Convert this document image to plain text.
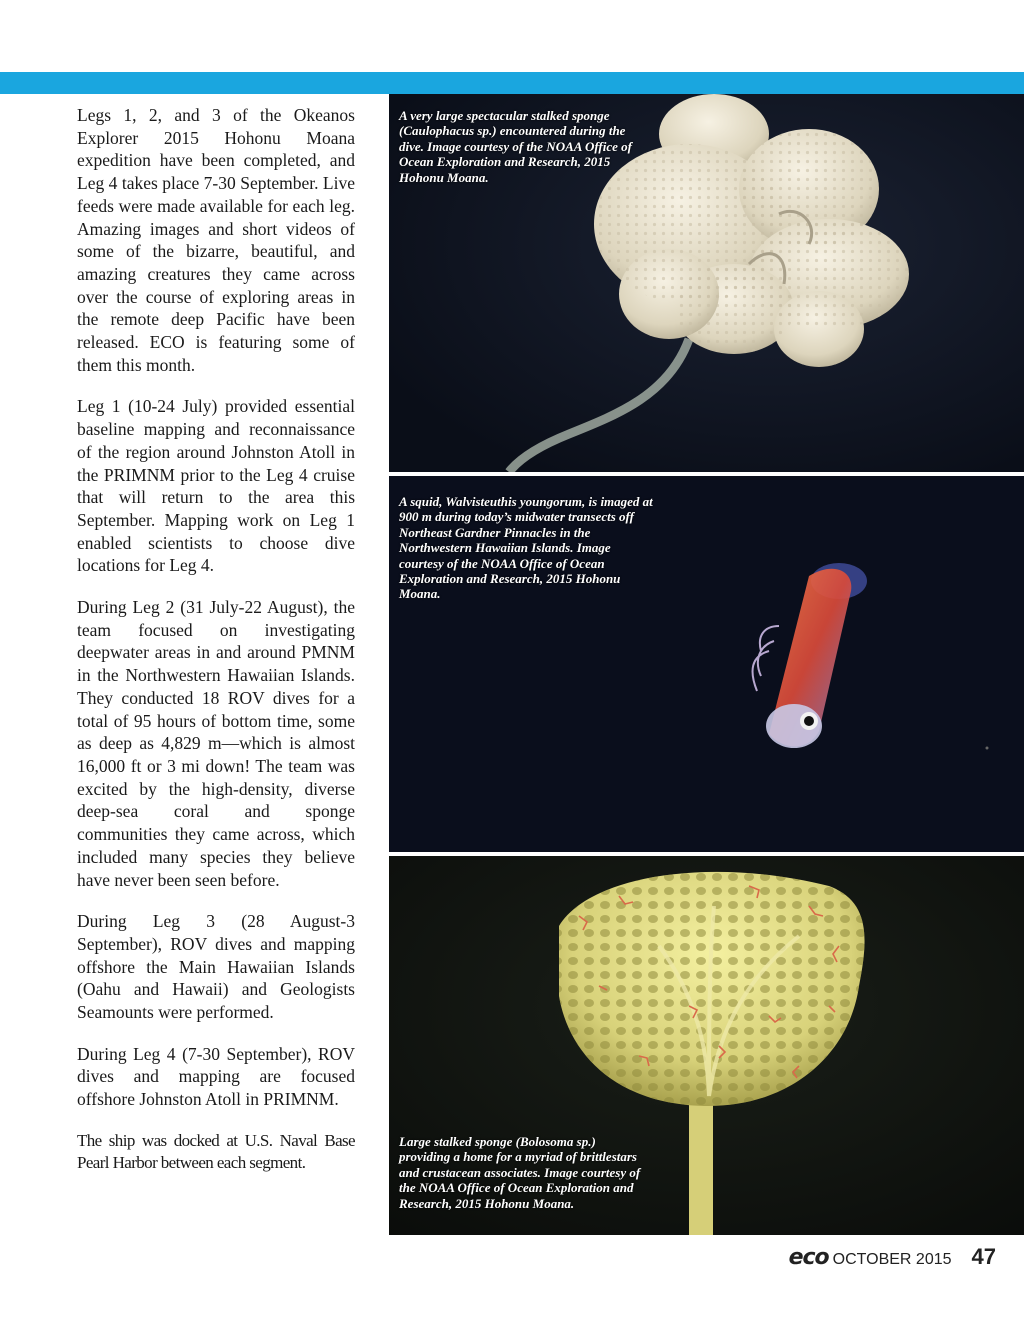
Legs 1, 2, and 3 of the Okeanos Explorer 2015 Hohonu Moana expedition have been completed, and Leg 4 takes place 7-30 September. Live feeds were made available for each leg. Amazing images and short videos of some of the bizarre, beautiful, and amazing creatures they came across over the course of exploring areas in the remote deep Pacific have been released. ECO is featuring some of them this month.

Leg 1 (10-24 July) provided essential baseline mapping and reconnaissance of the region around Johnston Atoll in the PRIMNM prior to the Leg 4 cruise that will return to the area this September. Mapping work on Leg 1 enabled scientists to choose dive locations for Leg 4.

During Leg 2 (31 July-22 August), the team focused on investigating deepwater areas in and around PMNM in the Northwestern Hawaiian Islands. They conducted 18 ROV dives for a total of 95 hours of bottom time, some as deep as 4,829 m—which is almost 16,000 ft or 3 mi down! The team was excited by the high-density, diverse deep-sea coral and sponge communities they came across, which included many species they believe have never been seen before.

During Leg 3 (28 August-3 September), ROV dives and mapping offshore the Main Hawaiian Islands (Oahu and Hawaii) and Geologists Seamounts were performed.

During Leg 4 (7-30 September), ROV dives and mapping are focused offshore Johnston Atoll in PRIMNM.

The ship was docked at U.S. Naval Base Pearl Harbor between each segment.

A very large spectacular stalked sponge (Caulophacus sp.) encountered during the dive. Image courtesy of the NOAA Office of Ocean Exploration and Research, 2015 Hohonu Moana.
A squid, Walvisteuthis youngorum, is imaged at 900 m during today’s midwater transects off Northeast Gardner Pinnacles in the Northwestern Hawaiian Islands. Image courtesy of the NOAA Office of Ocean Exploration and Research, 2015 Hohonu Moana.
Large stalked sponge (Bolosoma sp.) providing a home for a myriad of brittlestars and crustacean associates. Image courtesy of the NOAA Office of Ocean Exploration and Research, 2015 Hohonu Moana.
eco OCTOBER 2015 47
